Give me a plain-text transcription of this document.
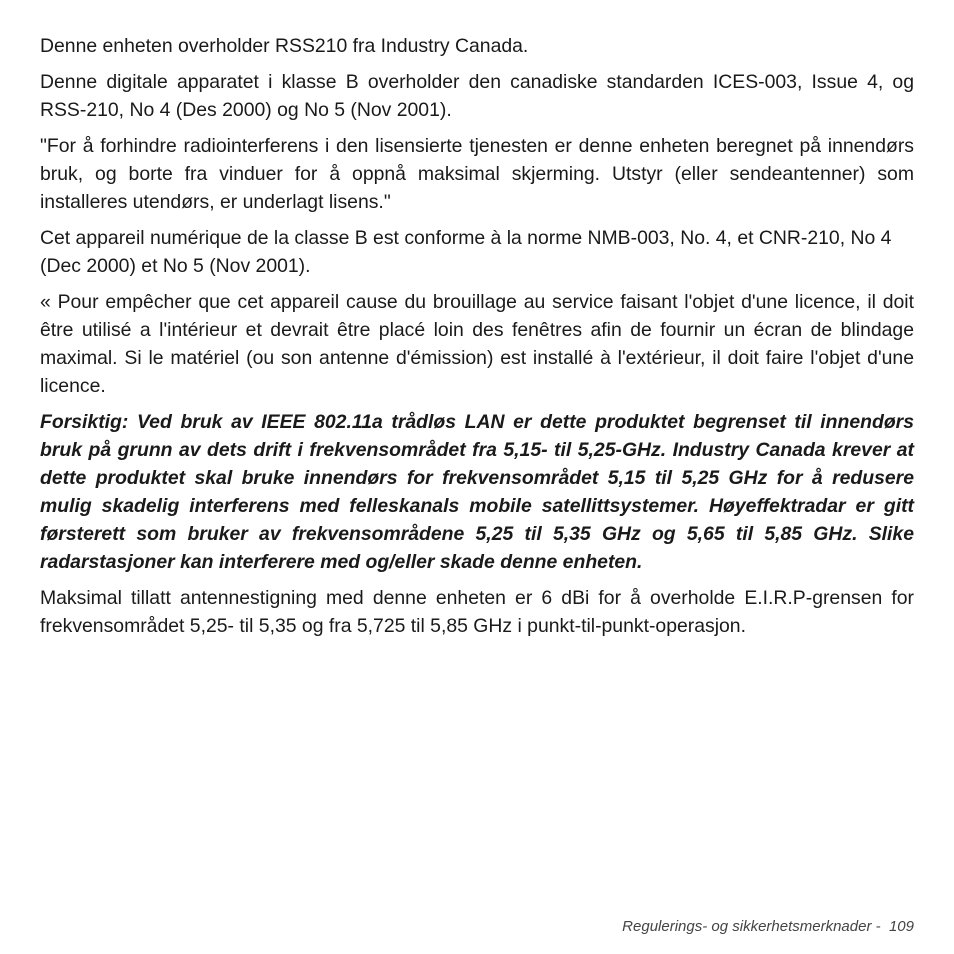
Denne enheten overholder RSS210 fra Industry Canada.

Denne digitale apparatet i klasse B overholder den canadiske standarden ICES-003, Issue 4, og RSS-210, No 4 (Des 2000) og No 5 (Nov 2001).

"For å forhindre radiointerferens i den lisensierte tjenesten er denne enheten beregnet på innendørs bruk, og borte fra vinduer for å oppnå maksimal skjerming. Utstyr (eller sendeantenner) som installeres utendørs, er underlagt lisens."

Cet appareil numérique de la classe B est conforme à la norme NMB-003, No. 4, et CNR-210, No 4 (Dec 2000) et No 5 (Nov 2001).

« Pour empêcher que cet appareil cause du brouillage au service faisant l'objet d'une licence, il doit être utilisé a l'intérieur et devrait être placé loin des fenêtres afin de fournir un écran de blindage maximal. Si le matériel (ou son antenne d'émission) est installé à l'extérieur, il doit faire l'objet d'une licence.

Forsiktig: Ved bruk av IEEE 802.11a trådløs LAN er dette produktet begrenset til innendørs bruk på grunn av dets drift i frekvensområdet fra 5,15- til 5,25-GHz. Industry Canada krever at dette produktet skal bruke innendørs for frekvensområdet 5,15 til 5,25 GHz for å redusere mulig skadelig interferens med felleskanals mobile satellittsystemer. Høyeffektradar er gitt førsterett som bruker av frekvensområdene 5,25 til 5,35 GHz og 5,65 til 5,85 GHz. Slike radarstasjoner kan interferere med og/eller skade denne enheten.

Maksimal tillatt antennestigning med denne enheten er 6 dBi for å overholde E.I.R.P-grensen for frekvensområdet 5,25- til 5,35 og fra 5,725 til 5,85 GHz i punkt-til-punkt-operasjon.

Regulerings- og sikkerhetsmerknader - 109
